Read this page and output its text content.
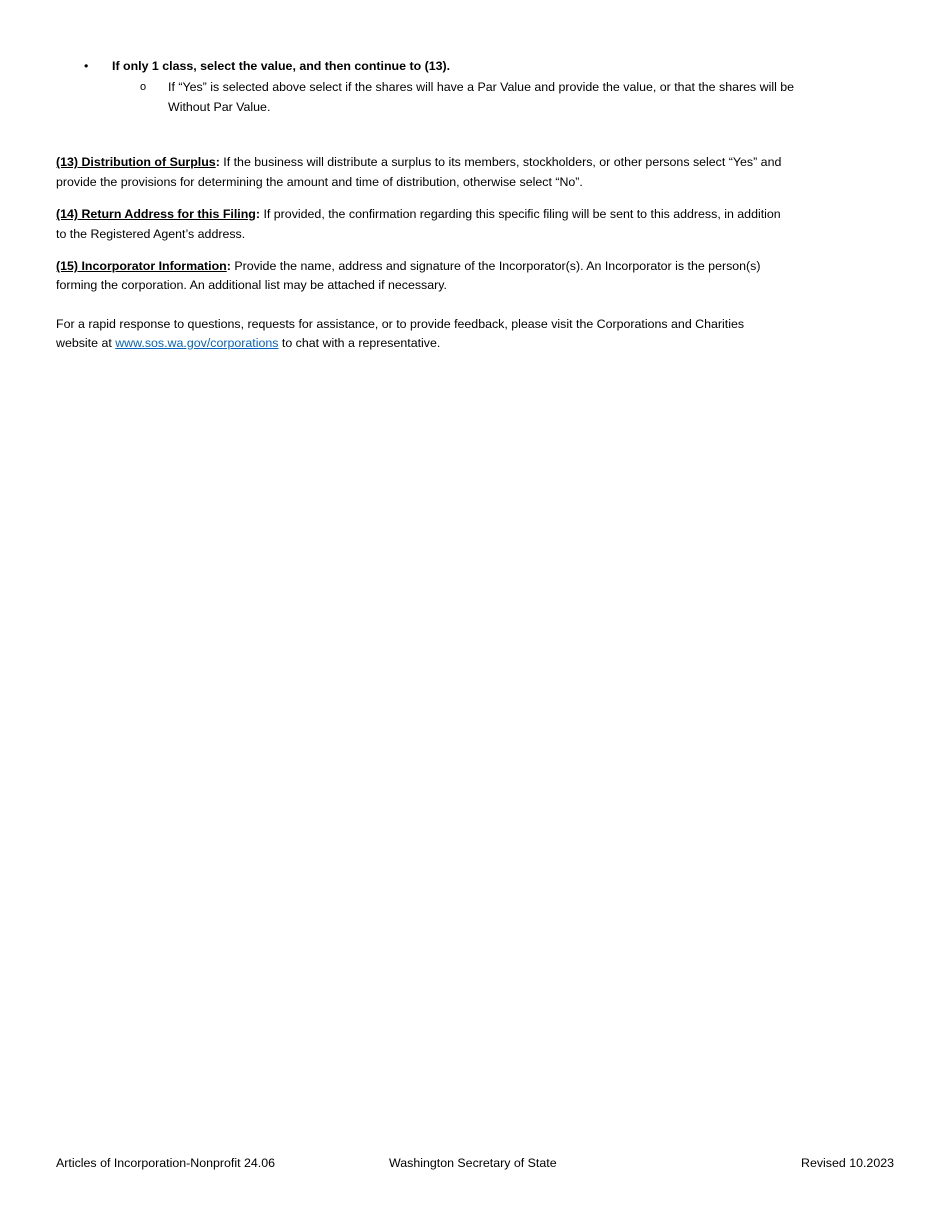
• If only 1 class, select the value, and then continue to (13).
o If “Yes” is selected above select if the shares will have a Par Value and provide the value, or that the shares will be
Without Par Value.
(13) Distribution of Surplus: If the business will distribute a surplus to its members, stockholders, or other persons select “Yes” and
provide the provisions for determining the amount and time of distribution, otherwise select “No”.
(14) Return Address for this Filing: If provided, the confirmation regarding this specific filing will be sent to this address, in addition
to the Registered Agent’s address.
(15) Incorporator Information: Provide the name, address and signature of the Incorporator(s). An Incorporator is the person(s)
forming the corporation. An additional list may be attached if necessary.
For a rapid response to questions, requests for assistance, or to provide feedback, please visit the Corporations and Charities
website at www.sos.wa.gov/corporations to chat with a representative.
Articles of Incorporation-Nonprofit 24.06	Washington Secretary of State	Revised 10.2023
